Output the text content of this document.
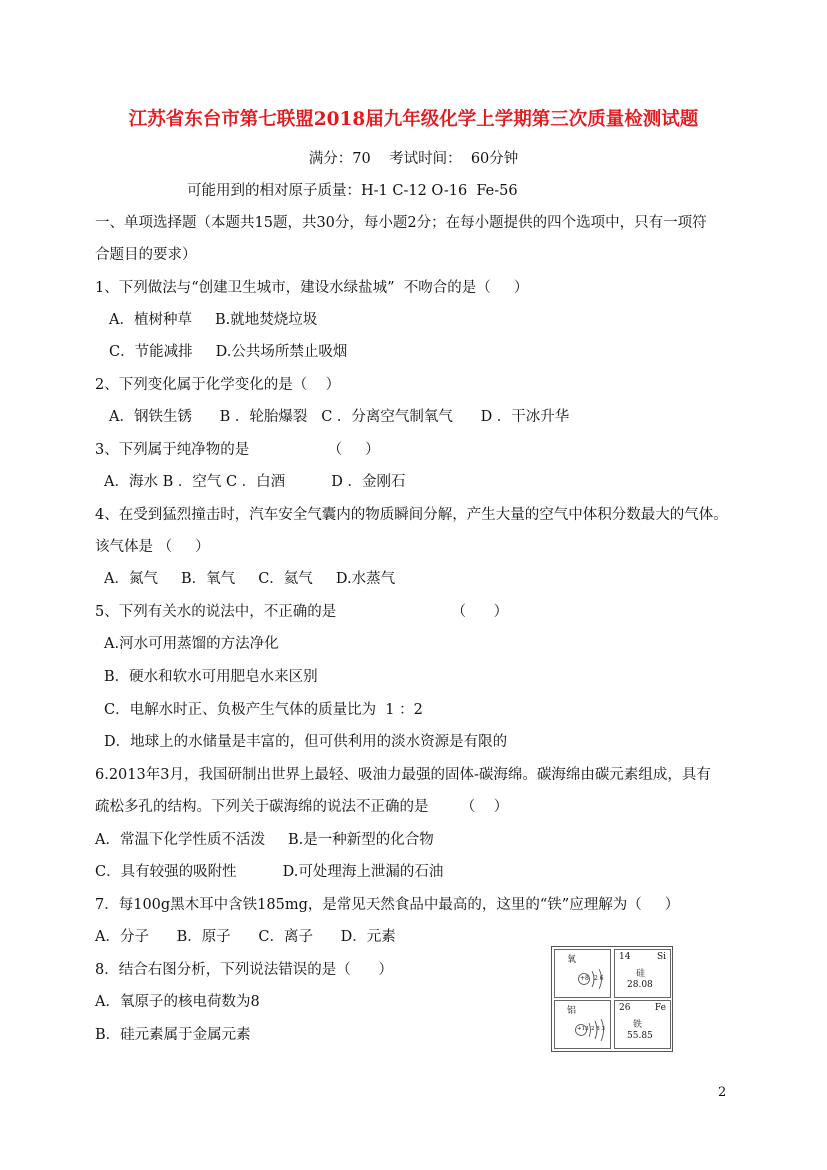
江苏省东台市第七联盟2018届九年级化学上学期第三次质量检测试题
满分：70    考试时间：  60分钟
可能用到的相对原子质量：H-1 C-12 O-16  Fe-56
一、单项选择题（本题共15题，共30分，每小题2分；在每小题提供的四个选项中，只有一项符
合题目的要求）
1、下列做法与“创建卫生城市，建设水绿盐城”  不吻合的是（     ）
A．植树种草     B.就地焚烧垃圾
C．节能减排     D.公共场所禁止吸烟
2、下列变化属于化学变化的是（    ）
A．钢铁生锈      B ．轮胎爆裂   C ．分离空气制氧气      D ．干冰升华
3、下列属于纯净物的是                 （     ）
A．海水 B ．空气 C ．白酒          D ．金刚石
4、在受到猛烈撞击时，汽车安全气囊内的物质瞬间分解，产生大量的空气中体积分数最大的气体。
该气体是 （     ）
A．氮气     B．氧气     C．氦气     D.水蒸气
5、下列有关水的说法中，不正确的是                         （      ）
A.河水可用蒸馏的方法净化
B．硬水和软水可用肥皂水来区别
C．电解水时正、负极产生气体的质量比为  1 ：2
D．地球上的水储量是丰富的，但可供利用的淡水资源是有限的
6.2013年3月，我国研制出世界上最轻、吸油力最强的固体-碳海绵。碳海绵由碳元素组成，具有
疏松多孔的结构。下列关于碳海绵的说法不正确的是       （    ）
A．常温下化学性质不活泼     B.是一种新型的化合物
C．具有较强的吸附性          D.可处理海上泄漏的石油
7．每100g黑木耳中含铁185mg，是常见天然食品中最高的，这里的“铁”应理解为（     ）
A．分子      B．原子      C．离子      D．元素
8．结合右图分析，下列说法错误的是（      ）
A．氧原子的核电荷数为8
B．硅元素属于金属元素
氧
+8 2 6
14	Si
硅
28.08
铝
+13 2 8 3
26	Fe
铁
55.85
2
